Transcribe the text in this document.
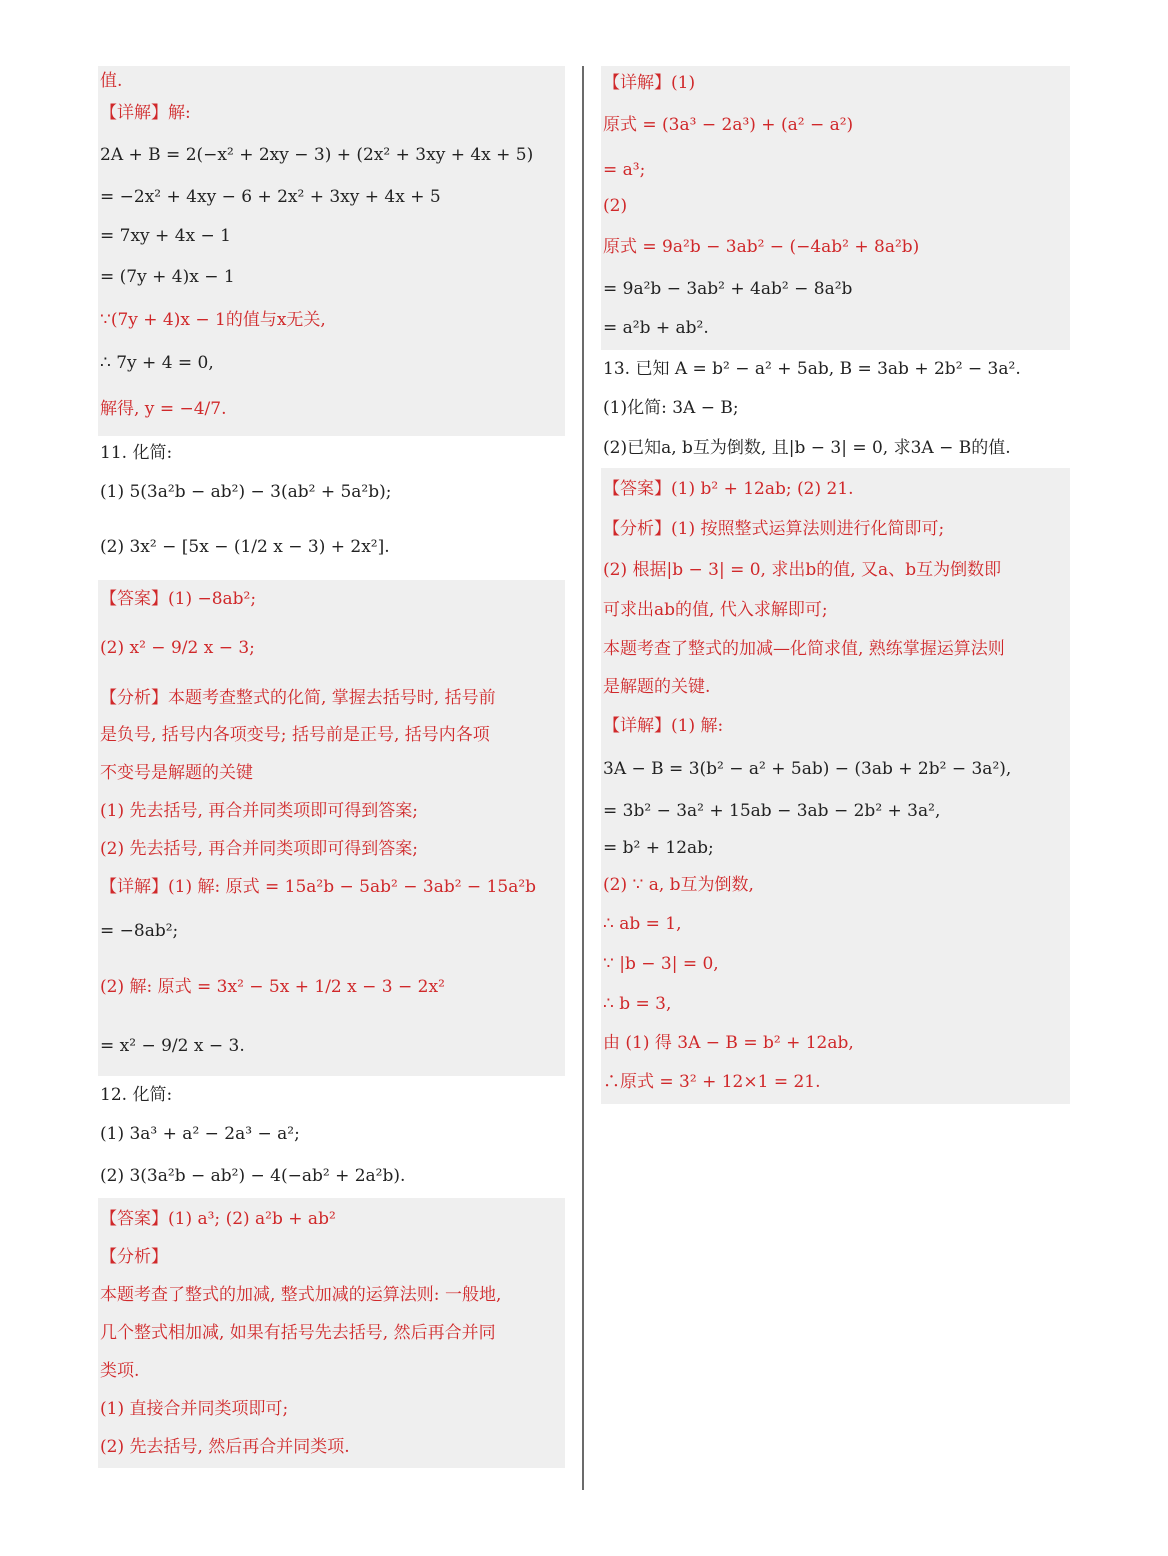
值.
【详解】解:
2A + B = 2(−x² + 2xy − 3) + (2x² + 3xy + 4x + 5)
= −2x² + 4xy − 6 + 2x² + 3xy + 4x + 5
= 7xy + 4x − 1
= (7y + 4)x − 1
∵(7y + 4)x − 1的值与x无关,
∴ 7y + 4 = 0,
解得, y = −4/7.
11. 化简:
(1) 5(3a²b − ab²) − 3(ab² + 5a²b);
(2) 3x² − [5x − (1/2 x − 3) + 2x²].
【答案】(1) −8ab²;
(2) x² − 9/2 x − 3;
【分析】本题考查整式的化简, 掌握去括号时, 括号前
是负号, 括号内各项变号; 括号前是正号, 括号内各项
不变号是解题的关键
(1) 先去括号, 再合并同类项即可得到答案;
(2) 先去括号, 再合并同类项即可得到答案;
【详解】(1) 解: 原式 = 15a²b − 5ab² − 3ab² − 15a²b
= −8ab²;
(2) 解: 原式 = 3x² − 5x + 1/2 x − 3 − 2x²
= x² − 9/2 x − 3.
12. 化简:
(1) 3a³ + a² − 2a³ − a²;
(2) 3(3a²b − ab²) − 4(−ab² + 2a²b).
【答案】(1) a³; (2) a²b + ab²
【分析】
本题考查了整式的加减, 整式加减的运算法则: 一般地,
几个整式相加减, 如果有括号先去括号, 然后再合并同
类项.
(1) 直接合并同类项即可;
(2) 先去括号, 然后再合并同类项.
【详解】(1)
原式 = (3a³ − 2a³) + (a² − a²)
= a³;
(2)
原式 = 9a²b − 3ab² − (−4ab² + 8a²b)
= 9a²b − 3ab² + 4ab² − 8a²b
= a²b + ab².
13. 已知 A = b² − a² + 5ab, B = 3ab + 2b² − 3a².
(1)化简: 3A − B;
(2)已知a, b互为倒数, 且|b − 3| = 0, 求3A − B的值.
【答案】(1) b² + 12ab; (2) 21.
【分析】(1) 按照整式运算法则进行化简即可;
(2) 根据|b − 3| = 0, 求出b的值, 又a、b互为倒数即
可求出ab的值, 代入求解即可;
本题考查了整式的加减—化简求值, 熟练掌握运算法则
是解题的关键.
【详解】(1) 解:
3A − B = 3(b² − a² + 5ab) − (3ab + 2b² − 3a²),
= 3b² − 3a² + 15ab − 3ab − 2b² + 3a²,
= b² + 12ab;
(2) ∵ a, b互为倒数,
∴ ab = 1,
∵ |b − 3| = 0,
∴ b = 3,
由 (1) 得 3A − B = b² + 12ab,
∴原式 = 3² + 12×1 = 21.
